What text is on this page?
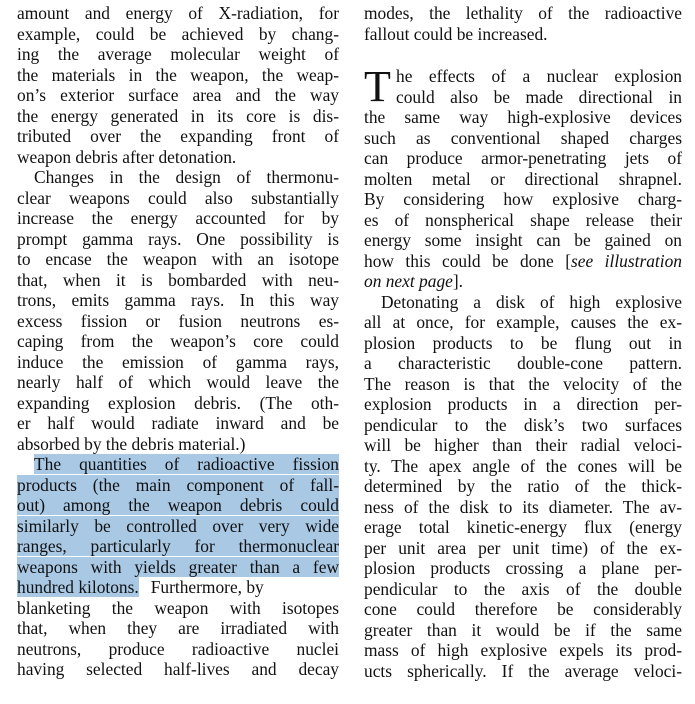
amount and energy of X-radiation, for
example, could be achieved by chang-
ing the average molecular weight of
the materials in the weapon, the weap-
on’s exterior surface area and the way
the energy generated in its core is dis-
tributed over the expanding front of
weapon debris after detonation.
Changes in the design of thermonu-
clear weapons could also substantially
increase the energy accounted for by
prompt gamma rays. One possibility is
to encase the weapon with an isotope
that, when it is bombarded with neu-
trons, emits gamma rays. In this way
excess fission or fusion neutrons es-
caping from the weapon’s core could
induce the emission of gamma rays,
nearly half of which would leave the
expanding explosion debris. (The oth-
er half would radiate inward and be
absorbed by the debris material.)
The quantities of radioactive fission
products (the main component of fall-
out) among the weapon debris could
similarly be controlled over very wide
ranges, particularly for thermonuclear
weapons with yields greater than a few
hundred kilotons. Furthermore, by
blanketing the weapon with isotopes
that, when they are irradiated with
neutrons, produce radioactive nuclei
having selected half-lives and decay
modes, the lethality of the radioactive
fallout could be increased.
T he effects of a nuclear explosion
could also be made directional in
the same way high-explosive devices
such as conventional shaped charges
can produce armor-penetrating jets of
molten metal or directional shrapnel.
By considering how explosive charg-
es of nonspherical shape release their
energy some insight can be gained on
how this could be done [see illustration
on next page].
Detonating a disk of high explosive
all at once, for example, causes the ex-
plosion products to be flung out in
a characteristic double-cone pattern.
The reason is that the velocity of the
explosion products in a direction per-
pendicular to the disk’s two surfaces
will be higher than their radial veloci-
ty. The apex angle of the cones will be
determined by the ratio of the thick-
ness of the disk to its diameter. The av-
erage total kinetic-energy flux (energy
per unit area per unit time) of the ex-
plosion products crossing a plane per-
pendicular to the axis of the double
cone could therefore be considerably
greater than it would be if the same
mass of high explosive expels its prod-
ucts spherically. If the average veloci-
